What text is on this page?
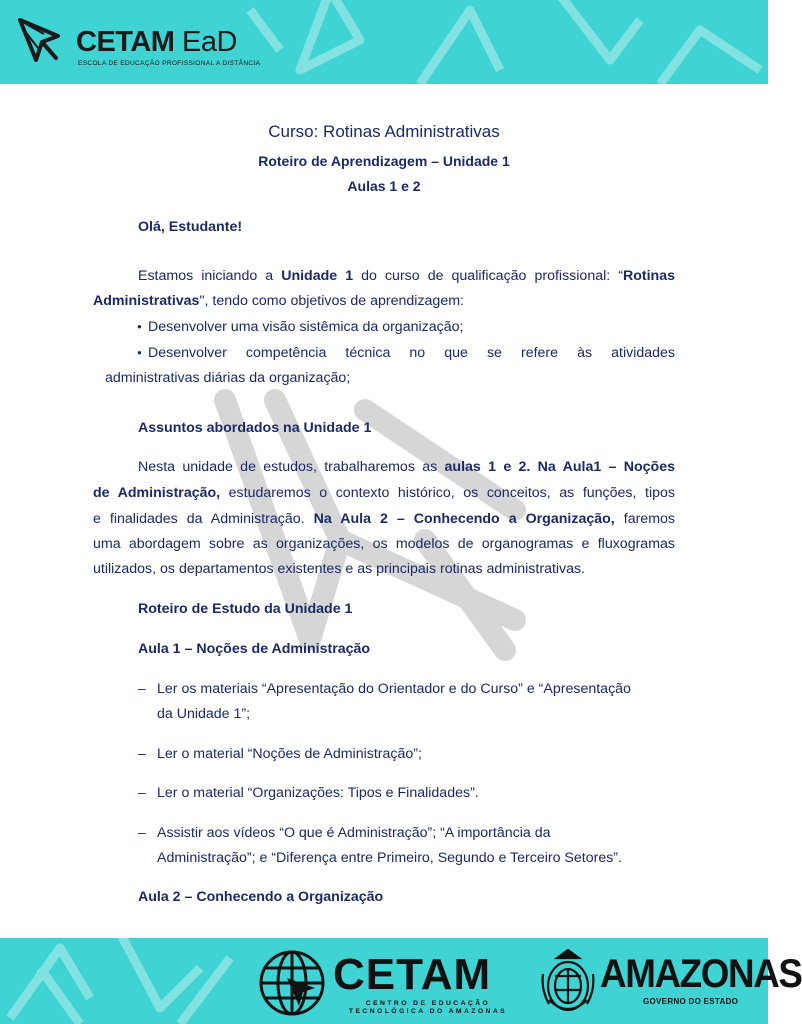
CETAM EaD
ESCOLA DE EDUCAÇÃO PROFISSIONAL A DISTÂNCIA
Curso: Rotinas Administrativas
Roteiro de Aprendizagem – Unidade 1
Aulas 1 e 2
Olá, Estudante!
Estamos iniciando a Unidade 1 do curso de qualificação profissional: “Rotinas
Administrativas", tendo como objetivos de aprendizagem:
● Desenvolver uma visão sistêmica da organização;
● Desenvolver competência técnica no que se refere às atividades
administrativas diárias da organização;
Assuntos abordados na Unidade 1
Nesta unidade de estudos, trabalharemos as aulas 1 e 2. Na Aula1 – Noções
de Administração, estudaremos o contexto histórico, os conceitos, as funções, tipos
e finalidades da Administração. Na Aula 2 – Conhecendo a Organização, faremos
uma abordagem sobre as organizações, os modelos de organogramas e fluxogramas
utilizados, os departamentos existentes e as principais rotinas administrativas.
Roteiro de Estudo da Unidade 1
Aula 1 – Noções de Administração
– Ler os materiais “Apresentação do Orientador e do Curso” e “Apresentação
da Unidade 1”;
– Ler o material “Noções de Administração”;
– Ler o material “Organizações: Tipos e Finalidades”.
– Assistir aos vídeos “O que é Administração”; “A importância da
Administração”; e “Diferença entre Primeiro, Segundo e Terceiro Setores”.
Aula 2 – Conhecendo a Organização
CETAM
CENTRO DE EDUCAÇÃO TECNOLÓGICA DO AMAZONAS
AMAZONAS
GOVERNO DO ESTADO
